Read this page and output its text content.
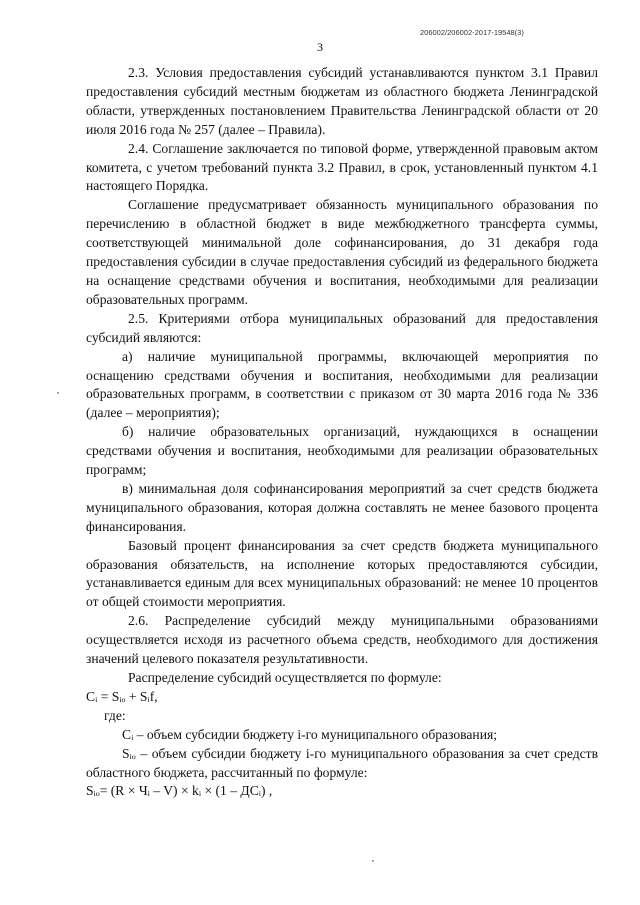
206002/206002-2017-19548(3)
3

2.3. Условия предоставления субсидий устанавливаются пунктом 3.1 Правил предоставления субсидий местным бюджетам из областного бюджета Ленинградской области, утвержденных постановлением Правительства Ленинградской области от 20 июля 2016 года № 257 (далее – Правила).

2.4. Соглашение заключается по типовой форме, утвержденной правовым актом комитета, с учетом требований пункта 3.2 Правил, в срок, установленный пунктом 4.1 настоящего Порядка.

Соглашение предусматривает обязанность муниципального образования по перечислению в областной бюджет в виде межбюджетного трансферта суммы, соответствующей минимальной доле софинансирования, до 31 декабря года предоставления субсидии в случае предоставления субсидий из федерального бюджета на оснащение средствами обучения и воспитания, необходимыми для реализации образовательных программ.

2.5. Критериями отбора муниципальных образований для предоставления субсидий являются:

а) наличие муниципальной программы, включающей мероприятия по оснащению средствами обучения и воспитания, необходимыми для реализации образовательных программ, в соответствии с приказом от 30 марта 2016 года № 336 (далее – мероприятия);

б) наличие образовательных организаций, нуждающихся в оснащении средствами обучения и воспитания, необходимыми для реализации образовательных программ;

в) минимальная доля софинансирования мероприятий за счет средств бюджета муниципального образования, которая должна составлять не менее базового процента финансирования.

Базовый процент финансирования за счет средств бюджета муниципального образования обязательств, на исполнение которых предоставляются субсидии, устанавливается единым для всех муниципальных образований: не менее 10 процентов от общей стоимости мероприятия.

2.6. Распределение субсидий между муниципальными образованиями осуществляется исходя из расчетного объема средств, необходимого для достижения значений целевого показателя результативности.

Распределение субсидий осуществляется по формуле:

Cᵢ = Sᵢₒ + Sᵢf,

где:

Cᵢ – объем субсидии бюджету i-го муниципального образования;

Sᵢₒ – объем субсидии бюджету i-го муниципального образования за счет средств областного бюджета, рассчитанный по формуле:

Sᵢₒ= (R × Чᵢ – V) × kᵢ × (1 – ДСᵢ) ,
